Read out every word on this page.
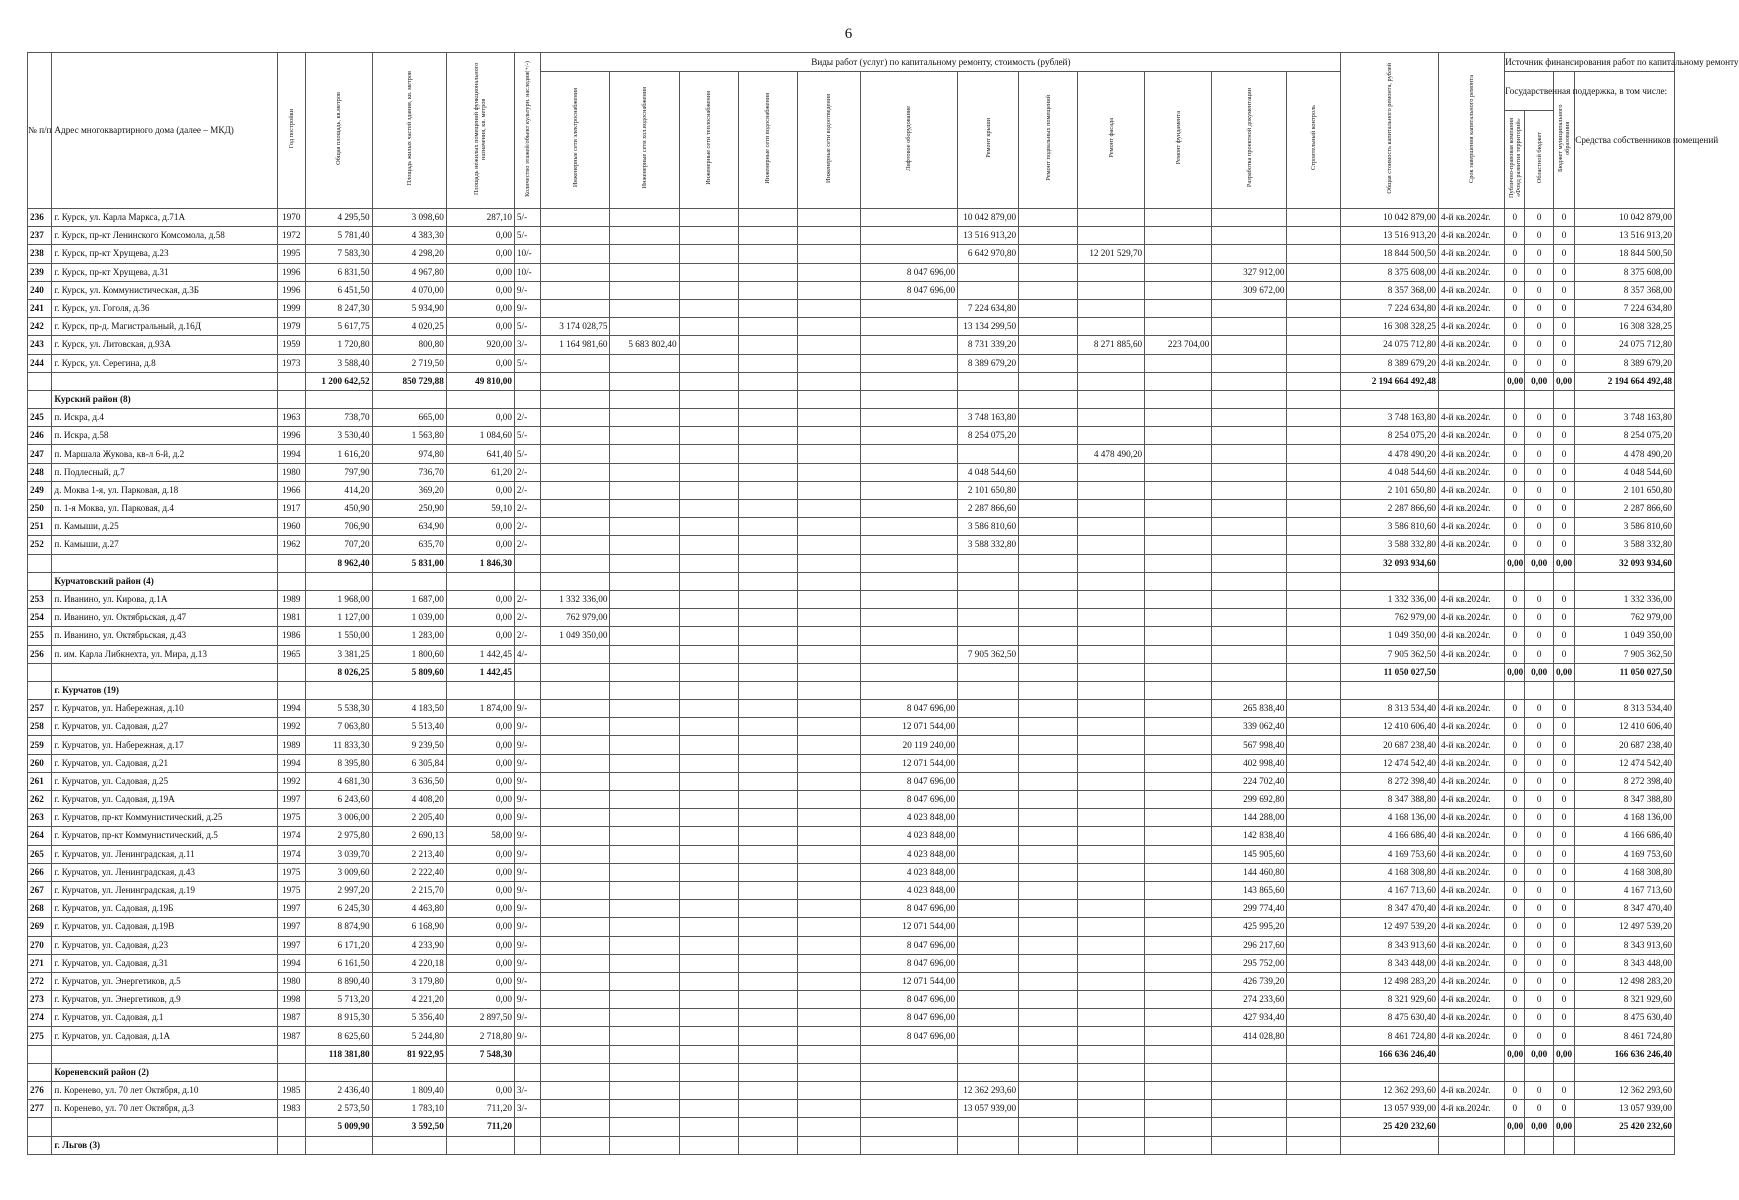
6
№ п/п	Адрес многоквартирного дома (далее – МКД)	Год постройки	Общая площадь, кв.метров	Площадь жилых частей здания, кв. метров	Площадь нежилых помещений функционального назначения, кв. метров	Количество этажей/объект культурн. наследия(+/-)	Виды работ (услуг) по капитальному ремонту, стоимость (рублей)												Общая стоимость капитального ремонта, рублей	Срок завершения капитального ремонта	Источник финансирования работ по капитальному ремонту			
							Инженерные сети электроснабжения	Инженерные сети хол.водоснабжения	Инженерные сети теплоснабжения	Инженерные сети водоснабжения	Инженерные сети водоотведения	Лифтовое оборудование	Ремонт крыши	Ремонт подвальных помещений	Ремонт фасада	Ремонт фундамента	Разработка проектной документации	Строительный контроль			Государственная поддержка, в том числе:		Бюджет муниципального образования	Средства собственников помещений
																					Публично-правовая компания «Фонд развития территорий»	Областной бюджет		
236	г. Курск, ул. Карла Маркса, д.71А	1970	4 295,50	3 098,60	287,10	5/-							10 042 879,00						10 042 879,00	4-й кв.2024г.	0	0	0	10 042 879,00
237	г. Курск, пр-кт Ленинского Комсомола, д.58	1972	5 781,40	4 383,30	0,00	5/-							13 516 913,20						13 516 913,20	4-й кв.2024г.	0	0	0	13 516 913,20
238	г. Курск, пр-кт Хрущева, д.23	1995	7 583,30	4 298,20	0,00	10/-							6 642 970,80		12 201 529,70				18 844 500,50	4-й кв.2024г.	0	0	0	18 844 500,50
239	г. Курск, пр-кт Хрущева, д.31	1996	6 831,50	4 967,80	0,00	10/-						8 047 696,00					327 912,00		8 375 608,00	4-й кв.2024г.	0	0	0	8 375 608,00
240	г. Курск, ул. Коммунистическая, д.3Б	1996	6 451,50	4 070,00	0,00	9/-						8 047 696,00					309 672,00		8 357 368,00	4-й кв.2024г.	0	0	0	8 357 368,00
241	г. Курск, ул. Гоголя, д.36	1999	8 247,30	5 934,90	0,00	9/-							7 224 634,80						7 224 634,80	4-й кв.2024г.	0	0	0	7 224 634,80
242	г. Курск, пр-д. Магистральный, д.16Д	1979	5 617,75	4 020,25	0,00	5/-	3 174 028,75						13 134 299,50						16 308 328,25	4-й кв.2024г.	0	0	0	16 308 328,25
243	г. Курск, ул. Литовская, д.93А	1959	1 720,80	800,80	920,00	3/-	1 164 981,60	5 683 802,40					8 731 339,20		8 271 885,60	223 704,00			24 075 712,80	4-й кв.2024г.	0	0	0	24 075 712,80
244	г. Курск, ул. Серегина, д.8	1973	3 588,40	2 719,50	0,00	5/-							8 389 679,20						8 389 679,20	4-й кв.2024г.	0	0	0	8 389 679,20
			1 200 642,52	850 729,88	49 810,00														2 194 664 492,48		0,00	0,00	0,00	2 194 664 492,48
	Курский район (8)																							
245	п. Искра, д.4	1963	738,70	665,00	0,00	2/-							3 748 163,80						3 748 163,80	4-й кв.2024г.	0	0	0	3 748 163,80
246	п. Искра, д.58	1996	3 530,40	1 563,80	1 084,60	5/-							8 254 075,20						8 254 075,20	4-й кв.2024г.	0	0	0	8 254 075,20
247	п. Маршала Жукова, кв-л 6-й, д.2	1994	1 616,20	974,80	641,40	5/-									4 478 490,20				4 478 490,20	4-й кв.2024г.	0	0	0	4 478 490,20
248	п. Подлесный, д.7	1980	797,90	736,70	61,20	2/-							4 048 544,60						4 048 544,60	4-й кв.2024г.	0	0	0	4 048 544,60
249	д. Моква 1-я, ул. Парковая, д.18	1966	414,20	369,20	0,00	2/-							2 101 650,80						2 101 650,80	4-й кв.2024г.	0	0	0	2 101 650,80
250	п. 1-я Моква, ул. Парковая, д.4	1917	450,90	250,90	59,10	2/-							2 287 866,60						2 287 866,60	4-й кв.2024г.	0	0	0	2 287 866,60
251	п. Камыши, д.25	1960	706,90	634,90	0,00	2/-							3 586 810,60						3 586 810,60	4-й кв.2024г.	0	0	0	3 586 810,60
252	п. Камыши, д.27	1962	707,20	635,70	0,00	2/-							3 588 332,80						3 588 332,80	4-й кв.2024г.	0	0	0	3 588 332,80
			8 962,40	5 831,00	1 846,30														32 093 934,60		0,00	0,00	0,00	32 093 934,60
	Курчатовский район (4)																							
253	п. Иванино, ул. Кирова, д.1А	1989	1 968,00	1 687,00	0,00	2/-	1 332 336,00												1 332 336,00	4-й кв.2024г.	0	0	0	1 332 336,00
254	п. Иванино, ул. Октябрьская, д.47	1981	1 127,00	1 039,00	0,00	2/-	762 979,00												762 979,00	4-й кв.2024г.	0	0	0	762 979,00
255	п. Иванино, ул. Октябрьская, д.43	1986	1 550,00	1 283,00	0,00	2/-	1 049 350,00												1 049 350,00	4-й кв.2024г.	0	0	0	1 049 350,00
256	п. им. Карла Либкнехта, ул. Мира, д.13	1965	3 381,25	1 800,60	1 442,45	4/-							7 905 362,50						7 905 362,50	4-й кв.2024г.	0	0	0	7 905 362,50
			8 026,25	5 809,60	1 442,45														11 050 027,50		0,00	0,00	0,00	11 050 027,50
	г. Курчатов (19)																							
257	г. Курчатов, ул. Набережная, д.10	1994	5 538,30	4 183,50	1 874,00	9/-						8 047 696,00					265 838,40		8 313 534,40	4-й кв.2024г.	0	0	0	8 313 534,40
258	г. Курчатов, ул. Садовая, д.27	1992	7 063,80	5 513,40	0,00	9/-						12 071 544,00					339 062,40		12 410 606,40	4-й кв.2024г.	0	0	0	12 410 606,40
259	г. Курчатов, ул. Набережная, д.17	1989	11 833,30	9 239,50	0,00	9/-						20 119 240,00					567 998,40		20 687 238,40	4-й кв.2024г.	0	0	0	20 687 238,40
260	г. Курчатов, ул. Садовая, д.21	1994	8 395,80	6 305,84	0,00	9/-						12 071 544,00					402 998,40		12 474 542,40	4-й кв.2024г.	0	0	0	12 474 542,40
261	г. Курчатов, ул. Садовая, д.25	1992	4 681,30	3 636,50	0,00	9/-						8 047 696,00					224 702,40		8 272 398,40	4-й кв.2024г.	0	0	0	8 272 398,40
262	г. Курчатов, ул. Садовая, д.19А	1997	6 243,60	4 408,20	0,00	9/-						8 047 696,00					299 692,80		8 347 388,80	4-й кв.2024г.	0	0	0	8 347 388,80
263	г. Курчатов, пр-кт Коммунистический, д.25	1975	3 006,00	2 205,40	0,00	9/-						4 023 848,00					144 288,00		4 168 136,00	4-й кв.2024г.	0	0	0	4 168 136,00
264	г. Курчатов, пр-кт Коммунистический, д.5	1974	2 975,80	2 690,13	58,00	9/-						4 023 848,00					142 838,40		4 166 686,40	4-й кв.2024г.	0	0	0	4 166 686,40
265	г. Курчатов, ул. Ленинградская, д.11	1974	3 039,70	2 213,40	0,00	9/-						4 023 848,00					145 905,60		4 169 753,60	4-й кв.2024г.	0	0	0	4 169 753,60
266	г. Курчатов, ул. Ленинградская, д.43	1975	3 009,60	2 222,40	0,00	9/-						4 023 848,00					144 460,80		4 168 308,80	4-й кв.2024г.	0	0	0	4 168 308,80
267	г. Курчатов, ул. Ленинградская, д.19	1975	2 997,20	2 215,70	0,00	9/-						4 023 848,00					143 865,60		4 167 713,60	4-й кв.2024г.	0	0	0	4 167 713,60
268	г. Курчатов, ул. Садовая, д.19Б	1997	6 245,30	4 463,80	0,00	9/-						8 047 696,00					299 774,40		8 347 470,40	4-й кв.2024г.	0	0	0	8 347 470,40
269	г. Курчатов, ул. Садовая, д.19В	1997	8 874,90	6 168,90	0,00	9/-						12 071 544,00					425 995,20		12 497 539,20	4-й кв.2024г.	0	0	0	12 497 539,20
270	г. Курчатов, ул. Садовая, д.23	1997	6 171,20	4 233,90	0,00	9/-						8 047 696,00					296 217,60		8 343 913,60	4-й кв.2024г.	0	0	0	8 343 913,60
271	г. Курчатов, ул. Садовая, д.31	1994	6 161,50	4 220,18	0,00	9/-						8 047 696,00					295 752,00		8 343 448,00	4-й кв.2024г.	0	0	0	8 343 448,00
272	г. Курчатов, ул. Энергетиков, д.5	1980	8 890,40	3 179,80	0,00	9/-						12 071 544,00					426 739,20		12 498 283,20	4-й кв.2024г.	0	0	0	12 498 283,20
273	г. Курчатов, ул. Энергетиков, д.9	1998	5 713,20	4 221,20	0,00	9/-						8 047 696,00					274 233,60		8 321 929,60	4-й кв.2024г.	0	0	0	8 321 929,60
274	г. Курчатов, ул. Садовая, д.1	1987	8 915,30	5 356,40	2 897,50	9/-						8 047 696,00					427 934,40		8 475 630,40	4-й кв.2024г.	0	0	0	8 475 630,40
275	г. Курчатов, ул. Садовая, д.1А	1987	8 625,60	5 244,80	2 718,80	9/-						8 047 696,00					414 028,80		8 461 724,80	4-й кв.2024г.	0	0	0	8 461 724,80
			118 381,80	81 922,95	7 548,30														166 636 246,40		0,00	0,00	0,00	166 636 246,40
	Кореневский район (2)																							
276	п. Коренево, ул. 70 лет Октября, д.10	1985	2 436,40	1 809,40	0,00	3/-							12 362 293,60						12 362 293,60	4-й кв.2024г.	0	0	0	12 362 293,60
277	п. Коренево, ул. 70 лет Октября, д.3	1983	2 573,50	1 783,10	711,20	3/-							13 057 939,00						13 057 939,00	4-й кв.2024г.	0	0	0	13 057 939,00
			5 009,90	3 592,50	711,20														25 420 232,60		0,00	0,00	0,00	25 420 232,60
	г. Льгов (3)																							
